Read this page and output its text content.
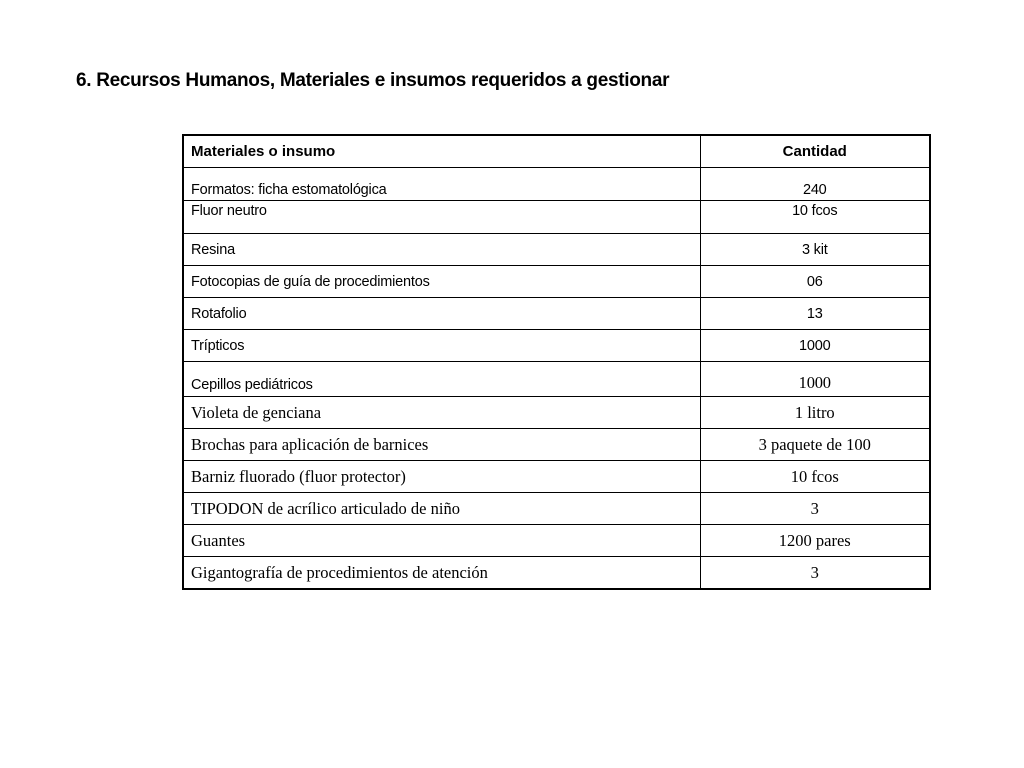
6. Recursos Humanos, Materiales e insumos requeridos a gestionar
Materiales o insumo	Cantidad
Formatos: ficha estomatológica	240
Fluor neutro	10 fcos
Resina	3 kit
Fotocopias de guía de procedimientos	06
Rotafolio	13
Trípticos	1000
Cepillos pediátricos	1000
Violeta de genciana	1 litro
Brochas para aplicación de barnices	3 paquete de 100
Barniz fluorado (fluor protector)	10 fcos
TIPODON de acrílico articulado de niño	3
Guantes	1200 pares
Gigantografía de procedimientos de atención	3
